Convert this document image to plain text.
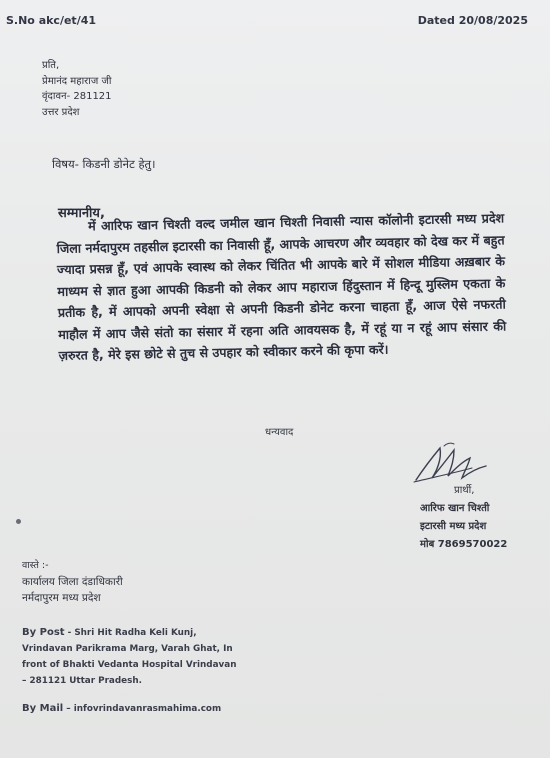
S.No akc/et/41	Dated 20/08/2025
प्रति,
प्रेमानंद महाराज जी
वृंदावन- 281121
उत्तर प्रदेश
विषय- किडनी डोनेट हेतु।
सम्मानीय,
में आरिफ खान चिश्ती वल्द जमील खान चिश्ती निवासी न्यास कॉलोनी इटारसी मध्य प्रदेश जिला नर्मदापुरम तहसील इटारसी का निवासी हूँ, आपके आचरण और व्यवहार को देख कर में बहुत ज्यादा प्रसन्न हूँ, एवं आपके स्वास्थ को लेकर चिंतित भी आपके बारे में सोशल मीडिया अख़बार के माध्यम से ज्ञात हुआ आपकी किडनी को लेकर आप महाराज हिंदुस्तान में हिन्दू मुस्लिम एकता के प्रतीक है, में आपको अपनी स्वेक्षा से अपनी किडनी डोनेट करना चाहता हूँ, आज ऐसे नफरती माहौल में आप जैसे संतो का संसार में रहना अति आवयसक है, में रहूं या न रहूं आप संसार की ज़रुरत है, मेरे इस छोटे से तुच से उपहार को स्वीकार करने की कृपा करें।
धन्यवाद
प्रार्थी,
आरिफ खान चिश्ती
इटारसी मध्य प्रदेश
मोब 7869570022
वास्ते :-
कार्यालय जिला दंडाधिकारी
नर्मदापुरम मध्य प्रदेश
By Post - Shri Hit Radha Keli Kunj,
Vrindavan Parikrama Marg, Varah Ghat, In
front of Bhakti Vedanta Hospital Vrindavan
– 281121 Uttar Pradesh.
By Mail – infovrindavanrasmahima.com
